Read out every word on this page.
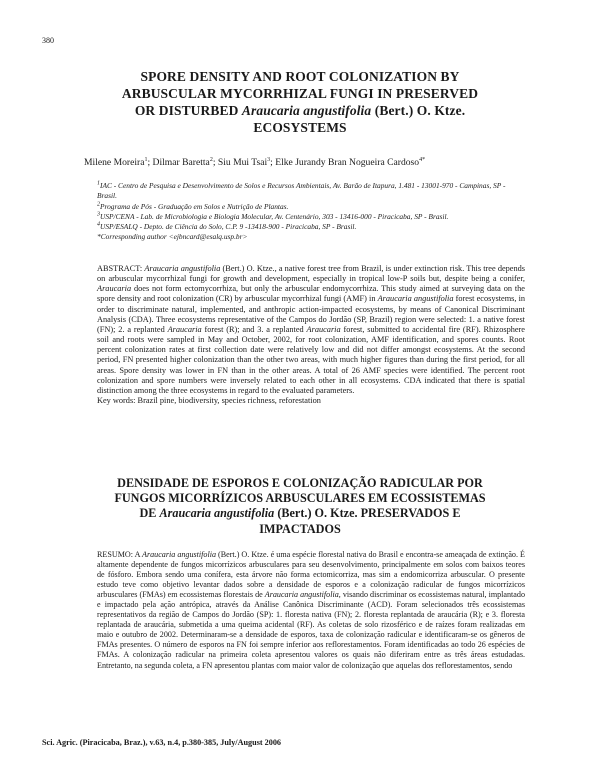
380
SPORE DENSITY AND ROOT COLONIZATION BY
ARBUSCULAR MYCORRHIZAL FUNGI IN PRESERVED
OR DISTURBED Araucaria angustifolia (Bert.) O. Ktze.
ECOSYSTEMS
Milene Moreira$^1$; Dilmar Baretta$^2$; Siu Mui Tsai$^3$; Elke Jurandy Bran Nogueira Cardoso$^{4*}$

$^1$IAC - Centro de Pesquisa e Desenvolvimento de Solos e Recursos Ambientais, Av. Barão de Itapura, 1.481 - 13001-970 - Campinas, SP - Brasil.

$^2$Programa de Pós - Graduação em Solos e Nutrição de Plantas.

$^3$USP/CENA - Lab. de Microbiologia e Biologia Molecular, Av. Centenário, 303 - 13416-000 - Piracicaba, SP - Brasil.

$^4$USP/ESALQ - Depto. de Ciência do Solo, C.P. 9 -13418-900 - Piracicaba, SP - Brasil.

*Corresponding author <ejbncard@esalq.usp.br>

ABSTRACT: Araucaria angustifolia (Bert.) O. Ktze., a native forest tree from Brazil, is under extinction risk. This tree depends on arbuscular mycorrhizal fungi for growth and development, especially in tropical low-P soils but, despite being a conifer, Araucaria does not form ectomycorrhiza, but only the arbuscular endomycorrhiza. This study aimed at surveying data on the spore density and root colonization (CR) by arbuscular mycorrhizal fungi (AMF) in Araucaria angustifolia forest ecosystems, in order to discriminate natural, implemented, and anthropic action-impacted ecosystems, by means of Canonical Discriminant Analysis (CDA). Three ecosystems representative of the Campos do Jordão (SP, Brazil) region were selected: 1. a native forest (FN); 2. a replanted Araucaria forest (R); and 3. a replanted Araucaria forest, submitted to accidental fire (RF). Rhizosphere soil and roots were sampled in May and October, 2002, for root colonization, AMF identification, and spores counts. Root percent colonization rates at first collection date were relatively low and did not differ amongst ecosystems. At the second period, FN presented higher colonization than the other two areas, with much higher figures than during the first period, for all areas. Spore density was lower in FN than in the other areas. A total of 26 AMF species were identified. The percent root colonization and spore numbers were inversely related to each other in all ecosystems. CDA indicated that there is spatial distinction among the three ecosystems in regard to the evaluated parameters.

Key words: Brazil pine, biodiversity, species richness, reforestation

DENSIDADE DE ESPOROS E COLONIZAÇÃO RADICULAR POR
FUNGOS MICORRÍZICOS ARBUSCULARES EM ECOSSISTEMAS
DE Araucaria angustifolia (Bert.) O. Ktze. PRESERVADOS E
IMPACTADOS
RESUMO: A Araucaria angustifolia (Bert.) O. Ktze. é uma espécie florestal nativa do Brasil e encontra-se ameaçada de extinção. É altamente dependente de fungos micorrízicos arbusculares para seu desenvolvimento, principalmente em solos com baixos teores de fósforo. Embora sendo uma conífera, esta árvore não forma ectomicorriza, mas sim a endomicorriza arbuscular. O presente estudo teve como objetivo levantar dados sobre a densidade de esporos e a colonização radicular de fungos micorrízicos arbusculares (FMAs) em ecossistemas florestais de Araucaria angustifolia, visando discriminar os ecossistemas natural, implantado e impactado pela ação antrópica, através da Análise Canônica Discriminante (ACD). Foram selecionados três ecossistemas representativos da região de Campos do Jordão (SP): 1. floresta nativa (FN); 2. floresta replantada de araucária (R); e 3. floresta replantada de araucária, submetida a uma queima acidental (RF). As coletas de solo rizosférico e de raízes foram realizadas em maio e outubro de 2002. Determinaram-se a densidade de esporos, taxa de colonização radicular e identificaram-se os gêneros de FMAs presentes. O número de esporos na FN foi sempre inferior aos reflorestamentos. Foram identificadas ao todo 26 espécies de FMAs. A colonização radicular na primeira coleta apresentou valores os quais não diferiram entre as três áreas estudadas. Entretanto, na segunda coleta, a FN apresentou plantas com maior valor de colonização que aquelas dos reflorestamentos, sendo
Sci. Agric. (Piracicaba, Braz.), v.63, n.4, p.380-385, July/August 2006
